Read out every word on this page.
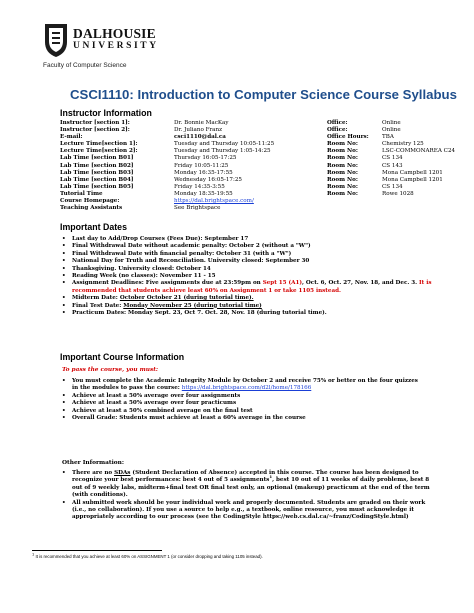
DALHOUSIE
UNIVERSITY
Faculty of Computer Science
CSCI1110: Introduction to Computer Science Course Syllabus
Instructor Information
Instructor [section 1]:	Dr. Bonnie MacKay	Office:	Online
Instructor [section 2]:	Dr. Juliano Franz	Office:	Online
E-mail:	csci1110@dal.ca	Office Hours: TBA
Lecture Time[section 1]:	Tuesday and Thursday 10:05-11:25	Room No:	Chemistry 125
Lecture Time[section 2]:	Tuesday and Thursday 1:05-14:25	Room No:	LSC-COMMONAREA C24
Lab Time [section B01]	Thursday 16:05-17:25	Room No:	CS 134
Lab Time [section B02]	Friday 10:05-11:25	Room No:	CS 143
Lab Time [section B03]	Monday 16:35-17:55	Room No:	Mona Campbell 1201
Lab Time [section B04]	Wednesday 16:05-17:25	Room No:	Mona Campbell 1201
Lab Time [section B05]	Friday 14:35-3:55	Room No:	CS 134
Tutorial Time	Monday 18:35-19:55	Room No:	Rowe 1028
Course Homepage:	https://dal.brightspace.com/
Teaching Assistants	See Brightspace
Important Dates
• Last day to Add/Drop Courses (Fees Due): September 17
• Final Withdrawal Date without academic penalty: October 2 (without a "W")
• Final Withdrawal Date with financial penalty: October 31 (with a "W")
• National Day for Truth and Reconciliation. University closed: September 30
• Thanksgiving. University closed: October 14
• Reading Week (no classes): November 11 - 15
• Assignment Deadlines: Five assignments due at 23:59pm on Sept 15 (A1), Oct. 6, Oct. 27, Nov. 18, and Dec. 3. It is
recommended that students achieve least 60% on Assignment 1 or take 1105 instead.
• Midterm Date: October October 21 (during tutorial time).
• Final Test Date: Monday November 25 (during tutorial time)
• Practicum Dates: Monday Sept. 23, Oct 7. Oct. 28, Nov. 18 (during tutorial time).
Important Course Information
To pass the course, you must:
• You must complete the Academic Integrity Module by October 2 and receive 75% or better on the four quizzes
in the modules to pass the course: https://dal.brightspace.com/d2l/home/178166
• Achieve at least a 50% average over four assignments
• Achieve at least a 50% average over four practicums
• Achieve at least a 50% combined average on the final test
• Overall Grade: Students must achieve at least a 60% average in the course
Other Information:
• There are no SDAs (Student Declaration of Absence) accepted in this course. The course has been designed to
recognize your best performances: best 4 out of 5 assignments$^1$, best 10 out of 11 weeks of daily problems, best 8
out of 9 weekly labs, midterm+final test OR final test only, an optional (makeup) practicum at the end of the term
(with conditions).
• All submitted work should be your individual work and properly documented. Students are graded on their work
(i.e., no collaboration). If you use a source to help e.g., a textbook, online resource, you must acknowledge it
appropriately according to our process (see the CodingStyle https://web.cs.dal.ca/~franz/CodingStyle.html)
$^1$ It is recommended that you achieve at least 60% on ASSIGNMENT 1 (or consider dropping and taking 1105 instead).
